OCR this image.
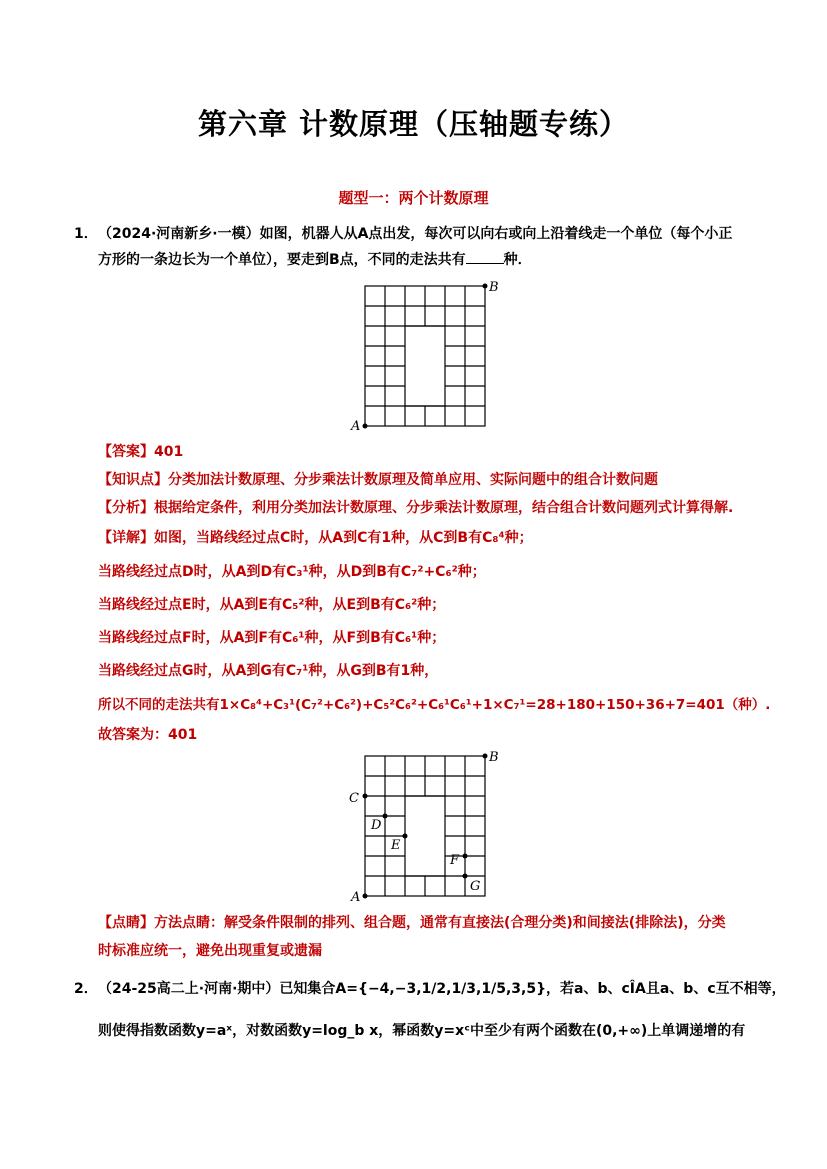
第六章 计数原理（压轴题专练）
题型一：两个计数原理
1． （2024·河南新乡·一模）如图，机器人从A点出发，每次可以向右或向上沿着线走一个单位（每个小正
方形的一条边长为一个单位），要走到B点，不同的走法共有	种．
A
B
【答案】401
【知识点】分类加法计数原理、分步乘法计数原理及简单应用、实际问题中的组合计数问题
【分析】根据给定条件，利用分类加法计数原理、分步乘法计数原理，结合组合计数问题列式计算得解.
【详解】如图，当路线经过点C时，从A到C有1种，从C到B有C₈⁴种；
当路线经过点D时，从A到D有C₃¹种，从D到B有C₇²+C₆²种；
当路线经过点E时，从A到E有C₅²种，从E到B有C₆²种；
当路线经过点F时，从A到F有C₆¹种，从F到B有C₆¹种；
当路线经过点G时，从A到G有C₇¹种，从G到B有1种，
所以不同的走法共有1×C₈⁴+C₃¹(C₇²+C₆²)+C₅²C₆²+C₆¹C₆¹+1×C₇¹=28+180+150+36+7=401（种）.
故答案为：401
A
B
C
D
E
F
G
【点睛】方法点睛：解受条件限制的排列、组合题，通常有直接法(合理分类)和间接法(排除法)，分类
时标准应统一，避免出现重复或遗漏
2． （24-25高二上·河南·期中）已知集合A={−4,−3,1/2,1/3,1/5,3,5}，若a、b、cÎA且a、b、c互不相等，
则使得指数函数y=aˣ，对数函数y=log_b x，幂函数y=xᶜ中至少有两个函数在(0,+∞)上单调递增的有
